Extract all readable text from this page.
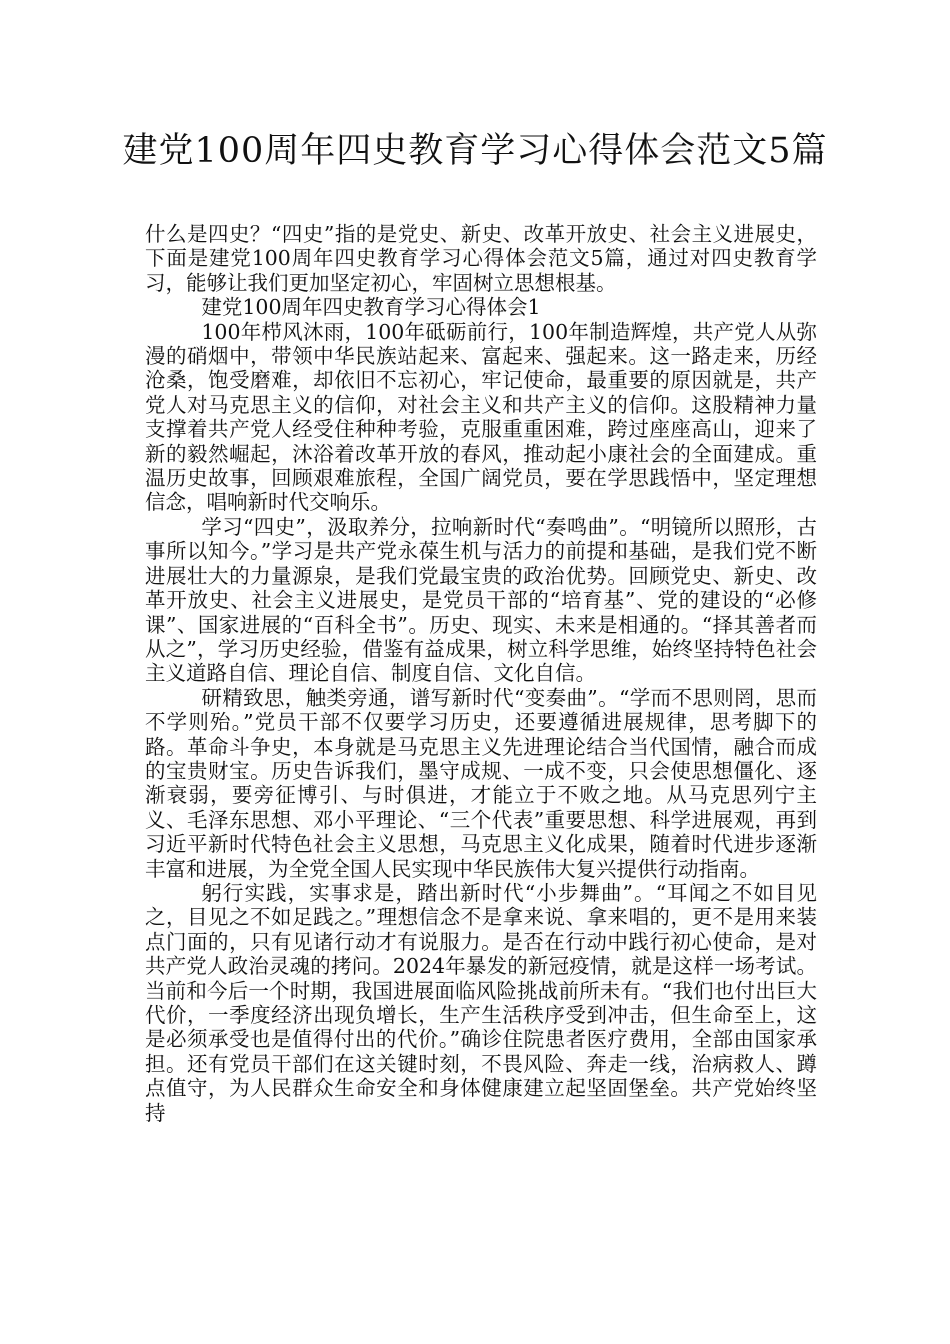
建党100周年四史教育学习心得体会范文5篇

什么是四史？“四史”指的是党史、新史、改革开放史、社会主义进展史，下面是建党100周年四史教育学习心得体会范文5篇，通过对四史教育学习，能够让我们更加坚定初心，牢固树立思想根基。

建党100周年四史教育学习心得体会1

100年栉风沐雨，100年砥砺前行，100年制造辉煌，共产党人从弥漫的硝烟中，带领中华民族站起来、富起来、强起来。这一路走来，历经沧桑，饱受磨难，却依旧不忘初心，牢记使命，最重要的原因就是，共产党人对马克思主义的信仰，对社会主义和共产主义的信仰。这股精神力量支撑着共产党人经受住种种考验，克服重重困难，跨过座座高山，迎来了新的毅然崛起，沐浴着改革开放的春风，推动起小康社会的全面建成。重温历史故事，回顾艰难旅程，全国广阔党员，要在学思践悟中，坚定理想信念，唱响新时代交响乐。

学习“四史”，汲取养分，拉响新时代“奏鸣曲”。“明镜所以照形，古事所以知今。”学习是共产党永葆生机与活力的前提和基础，是我们党不断进展壮大的力量源泉，是我们党最宝贵的政治优势。回顾党史、新史、改革开放史、社会主义进展史，是党员干部的“培育基”、党的建设的“必修课”、国家进展的“百科全书”。历史、现实、未来是相通的。“择其善者而从之”，学习历史经验，借鉴有益成果，树立科学思维，始终坚持特色社会主义道路自信、理论自信、制度自信、文化自信。

研精致思，触类旁通，谱写新时代“变奏曲”。“学而不思则罔，思而不学则殆。”党员干部不仅要学习历史，还要遵循进展规律，思考脚下的路。革命斗争史，本身就是马克思主义先进理论结合当代国情，融合而成的宝贵财宝。历史告诉我们，墨守成规、一成不变，只会使思想僵化、逐渐衰弱，要旁征博引、与时俱进，才能立于不败之地。从马克思列宁主义、毛泽东思想、邓小平理论、“三个代表”重要思想、科学进展观，再到习近平新时代特色社会主义思想，马克思主义化成果，随着时代进步逐渐丰富和进展，为全党全国人民实现中华民族伟大复兴提供行动指南。

躬行实践，实事求是，踏出新时代“小步舞曲”。“耳闻之不如目见之，目见之不如足践之。”理想信念不是拿来说、拿来唱的，更不是用来装点门面的，只有见诸行动才有说服力。是否在行动中践行初心使命，是对共产党人政治灵魂的拷问。2024年暴发的新冠疫情，就是这样一场考试。当前和今后一个时期，我国进展面临风险挑战前所未有。“我们也付出巨大代价，一季度经济出现负增长，生产生活秩序受到冲击，但生命至上，这是必须承受也是值得付出的代价。”确诊住院患者医疗费用，全部由国家承担。还有党员干部们在这关键时刻，不畏风险、奔走一线，治病救人、蹲点值守，为人民群众生命安全和身体健康建立起坚固堡垒。共产党始终坚持
